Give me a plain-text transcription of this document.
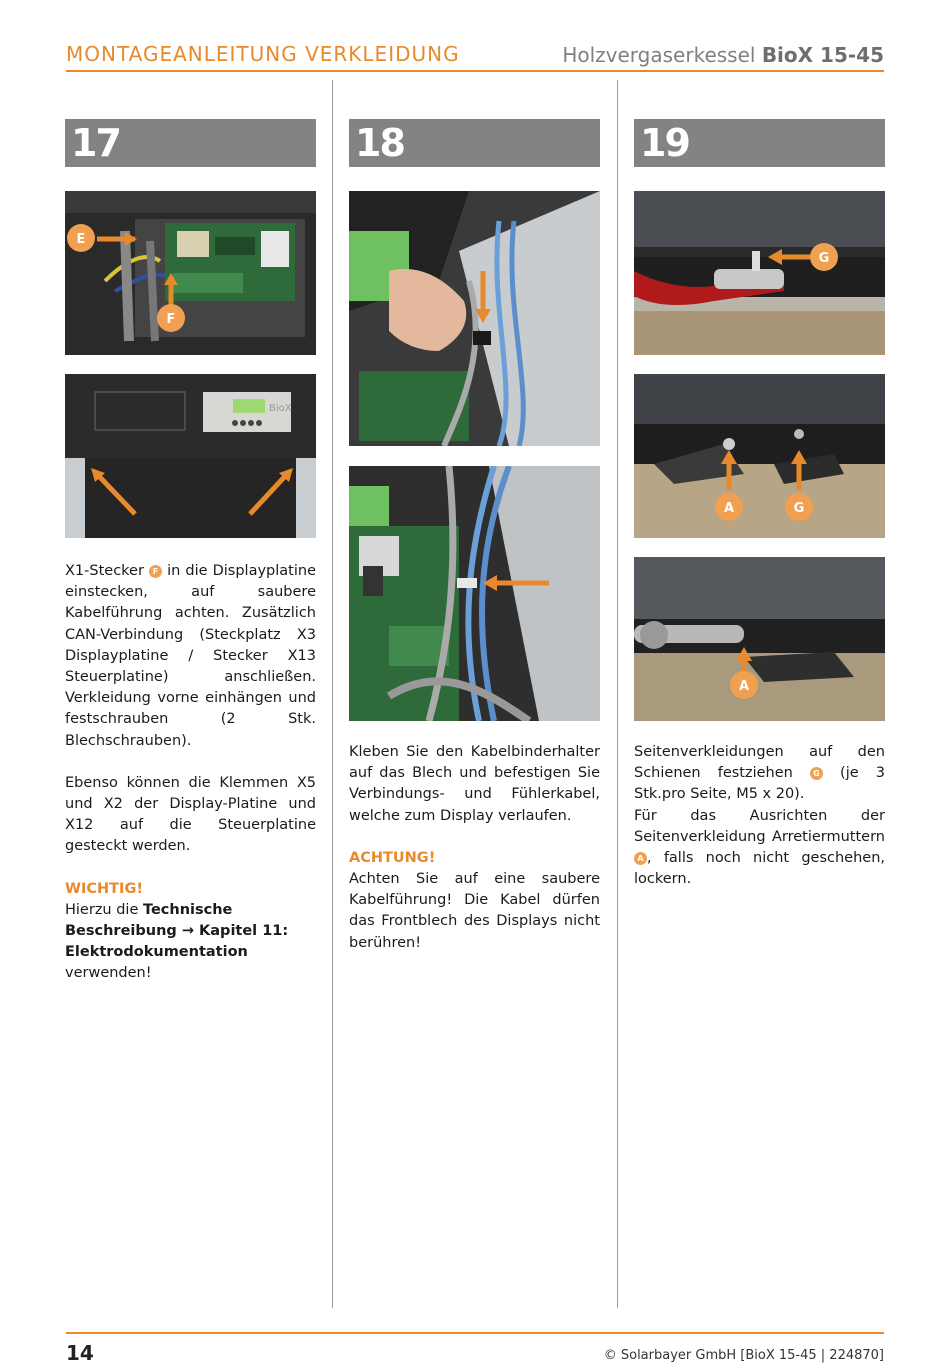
MONTAGEANLEITUNG VERKLEIDUNG	Holzvergaserkessel BioX 15-45
17	18	19
E
F
BioX

X1-Stecker F in die Displayplatine einstecken, auf saubere Kabelführung achten. Zusätzlich CAN-Verbindung (Steckplatz X3 Displayplatine / Stecker X13 Steuerplatine) anschließen. Verkleidung vorne einhängen und festschrauben (2 Stk. Blechschrauben).

Ebenso können die Klemmen X5 und X2 der Display-Platine und X12 auf die Steuerplatine gesteckt werden.

WICHTIG!

Hierzu die Technische Beschreibung → Kapitel 11: Elektrodokumentation verwenden!

Kleben Sie den Kabelbinderhalter auf das Blech und befestigen Sie Verbindungs- und Fühlerkabel, welche zum Display verlaufen.

ACHTUNG!

Achten Sie auf eine saubere Kabelführung! Die Kabel dürfen das Frontblech des Displays nicht berühren!

G
A	G
A

Seitenverkleidungen auf den Schienen festziehen G (je 3 Stk.pro Seite, M5 x 20).

Für das Ausrichten der Seitenverkleidung Arretiermuttern A , falls noch nicht geschehen, lockern.

14	© Solarbayer GmbH [BioX 15-45 | 224870]
